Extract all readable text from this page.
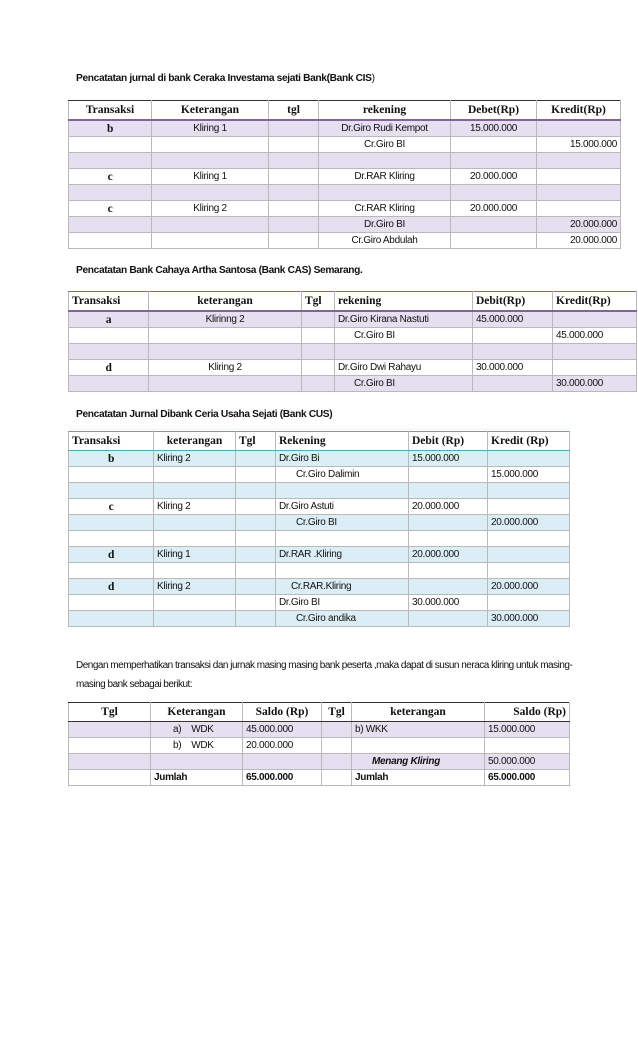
Pencatatan jurnal di bank Ceraka Investama sejati Bank(Bank CIS)
Transaksi	Keterangan	tgl	rekening	Debet(Rp)	Kredit(Rp)
b	Kliring 1		Dr.Giro Rudi Kempot	15.000.000	
			Cr.Giro BI		15.000.000

c	Kliring 1		Dr.RAR Kliring	20.000.000	

c	Kliring 2		Cr.RAR Kliring	20.000.000	
			Dr.Giro BI		20.000.000
			Cr.Giro Abdulah		20.000.000
Pencatatan Bank Cahaya Artha Santosa (Bank CAS) Semarang.
Transaksi	keterangan	Tgl	rekening	Debit(Rp)	Kredit(Rp)
a	Klirinng 2		Dr.Giro Kirana Nastuti	45.000.000	
			Cr.Giro BI		45.000.000

d	Kliring 2		Dr.Giro Dwi Rahayu	30.000.000	
			Cr.Giro BI		30.000.000
Pencatatan Jurnal Dibank Ceria Usaha Sejati (Bank CUS)
Transaksi	keterangan	Tgl	Rekening	Debit (Rp)	Kredit (Rp)
b	Kliring 2		Dr.Giro Bi	15.000.000	
			Cr.Giro Dalimin		15.000.000

c	Kliring 2		Dr.Giro Astuti	20.000.000	
			Cr.Giro BI		20.000.000

d	Kliring 1		Dr.RAR .Kliring	20.000.000	

d	Kliring 2		Cr.RAR.Kliring		20.000.000
			Dr.Giro BI	30.000.000	
			Cr.Giro andika		30.000.000
Dengan memperhatikan transaksi dan jurnak masing masing bank peserta ,maka dapat di susun neraca kliring untuk masing- masing bank sebagai berikut:
Tgl	Keterangan	Saldo (Rp)	Tgl	keterangan	Saldo (Rp)
	a)    WDK	45.000.000		b) WKK	15.000.000
	b)    WDK	20.000.000			
				Menang Kliring	50.000.000
	Jumlah	65.000.000		Jumlah	65.000.000
